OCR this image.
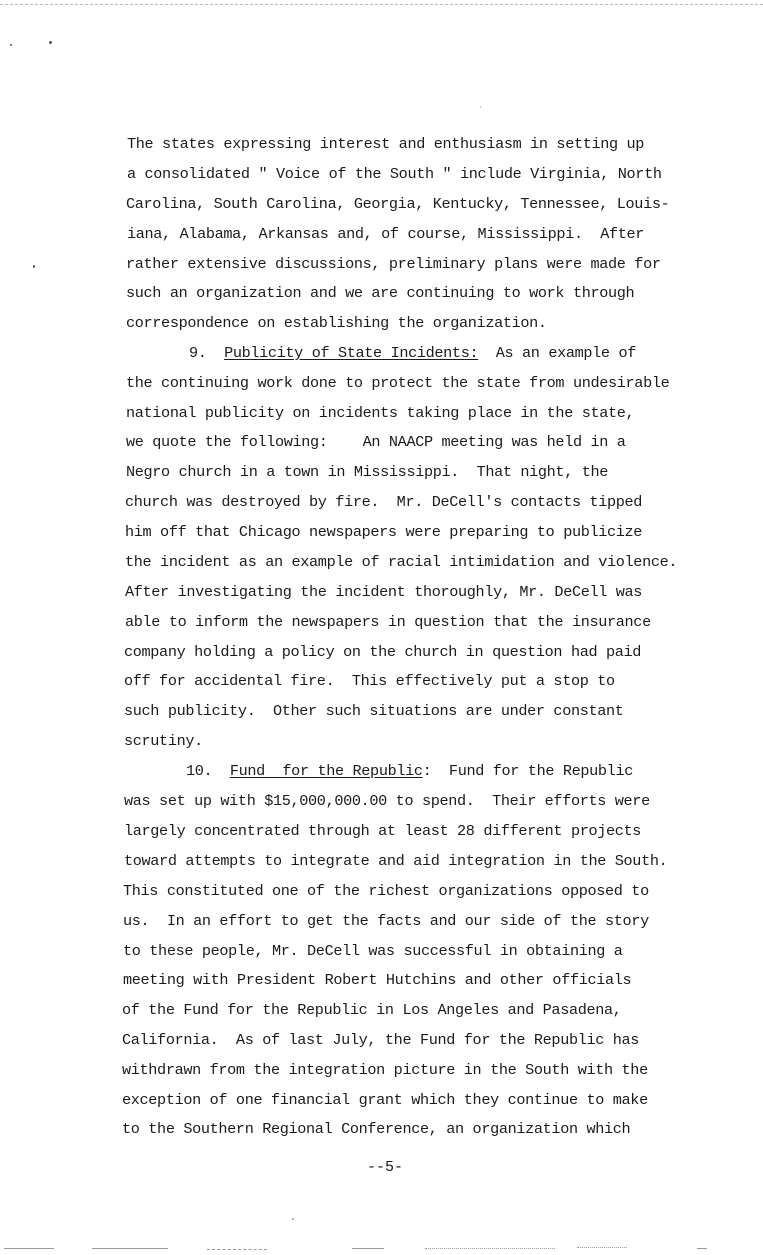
The states expressing interest and enthusiasm in setting up

a consolidated " Voice of the South " include Virginia, North

Carolina, South Carolina, Georgia, Kentucky, Tennessee, Louis-

iana, Alabama, Arkansas and, of course, Mississippi.  After

rather extensive discussions, preliminary plans were made for

such an organization and we are continuing to work through

correspondence on establishing the organization.

9. Publicity of State Incidents: As an example of

the continuing work done to protect the state from undesirable

national publicity on incidents taking place in the state,

we quote the following:    An NAACP meeting was held in a

Negro church in a town in Mississippi.  That night, the

church was destroyed by fire.  Mr. DeCell's contacts tipped

him off that Chicago newspapers were preparing to publicize

the incident as an example of racial intimidation and violence.

After investigating the incident thoroughly, Mr. DeCell was

able to inform the newspapers in question that the insurance

company holding a policy on the church in question had paid

off for accidental fire.  This effectively put a stop to

such publicity.  Other such situations are under constant

scrutiny.

10. Fund  for the Republic:  Fund for the Republic

was set up with $15,000,000.00 to spend.  Their efforts were

largely concentrated through at least 28 different projects

toward attempts to integrate and aid integration in the South.

This constituted one of the richest organizations opposed to

us.  In an effort to get the facts and our side of the story

to these people, Mr. DeCell was successful in obtaining a

meeting with President Robert Hutchins and other officials

of the Fund for the Republic in Los Angeles and Pasadena,

California.  As of last July, the Fund for the Republic has

withdrawn from the integration picture in the South with the

exception of one financial grant which they continue to make

to the Southern Regional Conference, an organization which

--5-
